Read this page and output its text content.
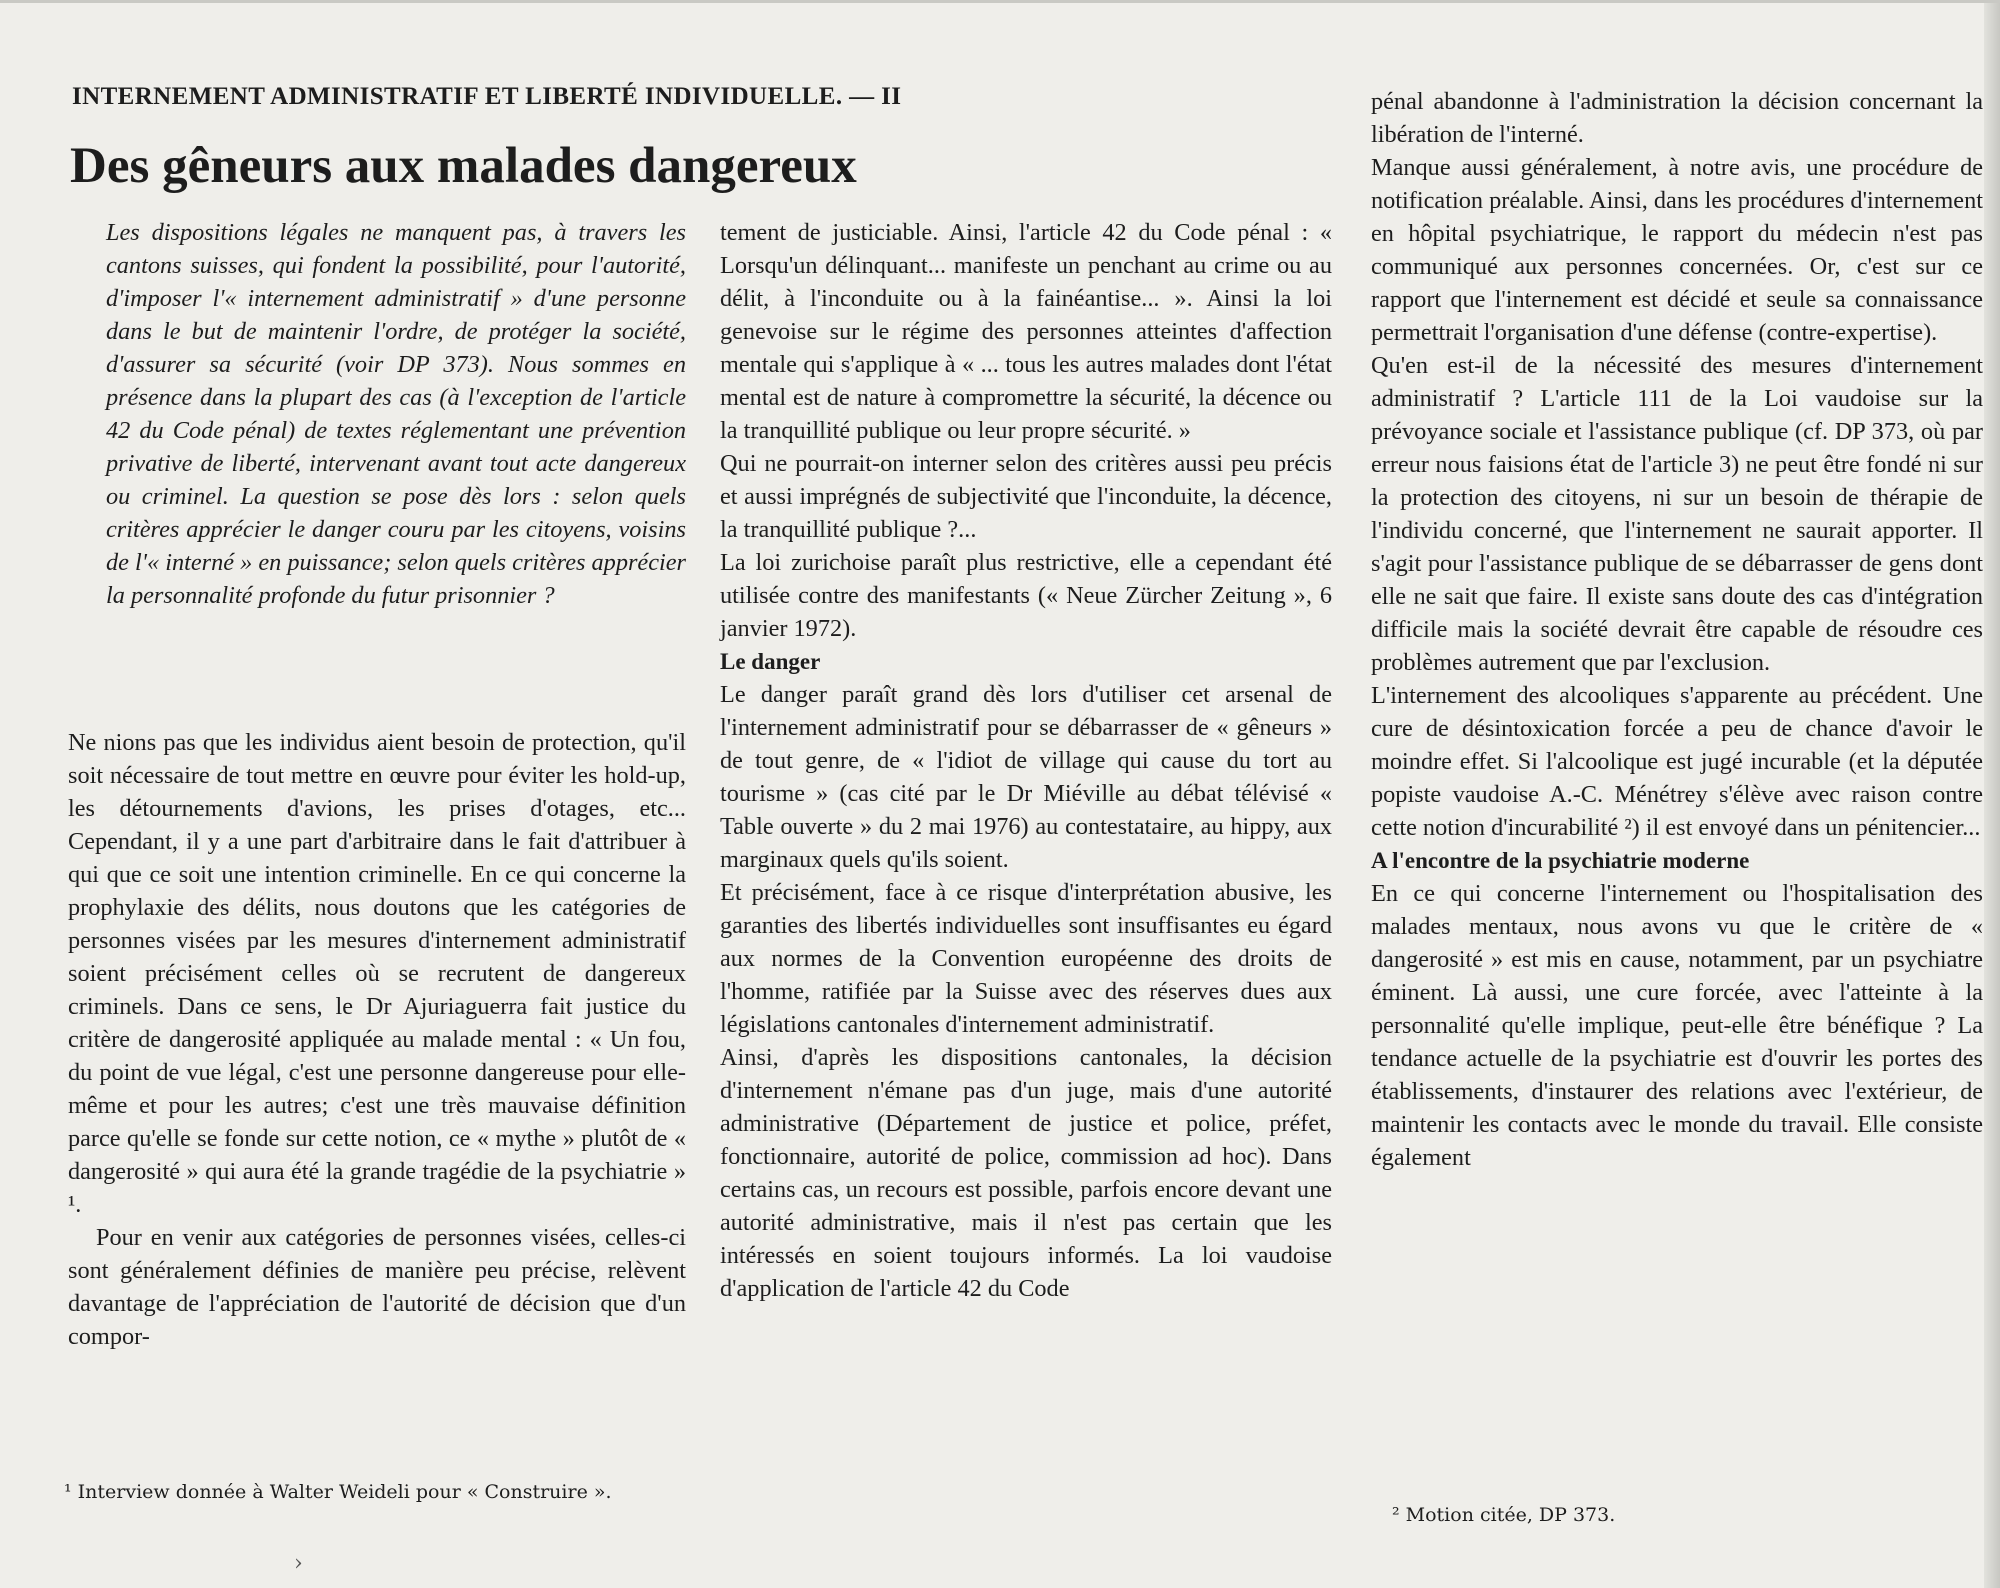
INTERNEMENT ADMINISTRATIF ET LIBERTÉ INDIVIDUELLE. — II
Des gêneurs aux malades dangereux

Les dispositions légales ne manquent pas, à travers les cantons suisses, qui fondent la possibilité, pour l'autorité, d'imposer l'« internement administratif » d'une personne dans le but de maintenir l'ordre, de protéger la société, d'assurer sa sécurité (voir DP 373). Nous sommes en présence dans la plupart des cas (à l'exception de l'article 42 du Code pénal) de textes réglementant une prévention privative de liberté, intervenant avant tout acte dangereux ou criminel. La question se pose dès lors : selon quels critères apprécier le danger couru par les citoyens, voisins de l'« interné » en puissance; selon quels critères apprécier la personnalité profonde du futur prisonnier ?

Ne nions pas que les individus aient besoin de protection, qu'il soit nécessaire de tout mettre en œuvre pour éviter les hold-up, les détournements d'avions, les prises d'otages, etc... Cependant, il y a une part d'arbitraire dans le fait d'attribuer à qui que ce soit une intention criminelle. En ce qui concerne la prophylaxie des délits, nous doutons que les catégories de personnes visées par les mesures d'internement administratif soient précisément celles où se recrutent de dangereux criminels. Dans ce sens, le Dr Ajuriaguerra fait justice du critère de dangerosité appliquée au malade mental : « Un fou, du point de vue légal, c'est une personne dangereuse pour elle-même et pour les autres; c'est une très mauvaise définition parce qu'elle se fonde sur cette notion, ce « mythe » plutôt de « dangerosité » qui aura été la grande tragédie de la psychiatrie » ¹.

Pour en venir aux catégories de personnes visées, celles-ci sont généralement définies de manière peu précise, relèvent davantage de l'appréciation de l'autorité de décision que d'un compor-

¹ Interview donnée à Walter Weideli pour « Construire ».

tement de justiciable. Ainsi, l'article 42 du Code pénal : « Lorsqu'un délinquant... manifeste un penchant au crime ou au délit, à l'inconduite ou à la fainéantise... ». Ainsi la loi genevoise sur le régime des personnes atteintes d'affection mentale qui s'applique à « ... tous les autres malades dont l'état mental est de nature à compromettre la sécurité, la décence ou la tranquillité publique ou leur propre sécurité. »

Qui ne pourrait-on interner selon des critères aussi peu précis et aussi imprégnés de subjectivité que l'inconduite, la décence, la tranquillité publique ?...

La loi zurichoise paraît plus restrictive, elle a cependant été utilisée contre des manifestants (« Neue Zürcher Zeitung », 6 janvier 1972).

Le danger

Le danger paraît grand dès lors d'utiliser cet arsenal de l'internement administratif pour se débarrasser de « gêneurs » de tout genre, de « l'idiot de village qui cause du tort au tourisme » (cas cité par le Dr Miéville au débat télévisé « Table ouverte » du 2 mai 1976) au contestataire, au hippy, aux marginaux quels qu'ils soient.

Et précisément, face à ce risque d'interprétation abusive, les garanties des libertés individuelles sont insuffisantes eu égard aux normes de la Convention européenne des droits de l'homme, ratifiée par la Suisse avec des réserves dues aux législations cantonales d'internement administratif.

Ainsi, d'après les dispositions cantonales, la décision d'internement n'émane pas d'un juge, mais d'une autorité administrative (Département de justice et police, préfet, fonctionnaire, autorité de police, commission ad hoc). Dans certains cas, un recours est possible, parfois encore devant une autorité administrative, mais il n'est pas certain que les intéressés en soient toujours informés. La loi vaudoise d'application de l'article 42 du Code

pénal abandonne à l'administration la décision concernant la libération de l'interné.

Manque aussi généralement, à notre avis, une procédure de notification préalable. Ainsi, dans les procédures d'internement en hôpital psychiatrique, le rapport du médecin n'est pas communiqué aux personnes concernées. Or, c'est sur ce rapport que l'internement est décidé et seule sa connaissance permettrait l'organisation d'une défense (contre-expertise).

Qu'en est-il de la nécessité des mesures d'internement administratif ? L'article 111 de la Loi vaudoise sur la prévoyance sociale et l'assistance publique (cf. DP 373, où par erreur nous faisions état de l'article 3) ne peut être fondé ni sur la protection des citoyens, ni sur un besoin de thérapie de l'individu concerné, que l'internement ne saurait apporter. Il s'agit pour l'assistance publique de se débarrasser de gens dont elle ne sait que faire. Il existe sans doute des cas d'intégration difficile mais la société devrait être capable de résoudre ces problèmes autrement que par l'exclusion.

L'internement des alcooliques s'apparente au précédent. Une cure de désintoxication forcée a peu de chance d'avoir le moindre effet. Si l'alcoolique est jugé incurable (et la députée popiste vaudoise A.-C. Ménétrey s'élève avec raison contre cette notion d'incurabilité ²) il est envoyé dans un pénitencier...

A l'encontre de la psychiatrie moderne

En ce qui concerne l'internement ou l'hospitalisation des malades mentaux, nous avons vu que le critère de « dangerosité » est mis en cause, notamment, par un psychiatre éminent. Là aussi, une cure forcée, avec l'atteinte à la personnalité qu'elle implique, peut-elle être bénéfique ? La tendance actuelle de la psychiatrie est d'ouvrir les portes des établissements, d'instaurer des relations avec l'extérieur, de maintenir les contacts avec le monde du travail. Elle consiste également

² Motion citée, DP 373.

›
